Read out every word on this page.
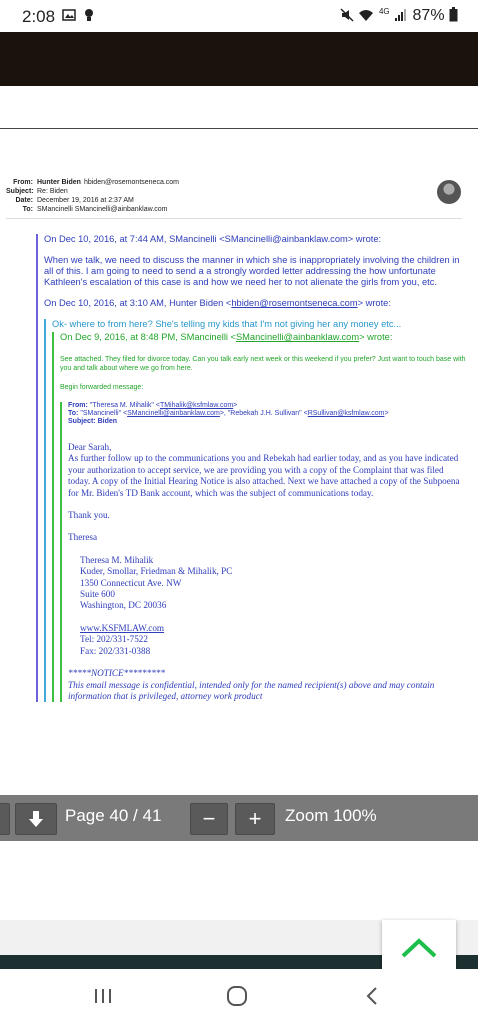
2:08
	$^{4G}$ 87%
From: Hunter Biden hbiden@rosemontseneca.com
Subject: Re: Biden
Date: December 19, 2016 at 2:37 AM
To: SMancinelli SMancinelli@ainbanklaw.com

On Dec 10, 2016, at 7:44 AM, SMancinelli <SMancinelli@ainbanklaw.com> wrote:

When we talk, we need to discuss the manner in which she is inappropriately involving the children in all of this. I am going to need to send a a strongly worded letter addressing the how unfortunate Kathleen's escalation of this case is and how we need her to not alienate the girls from you, etc.

On Dec 10, 2016, at 3:10 AM, Hunter Biden <hbiden@rosemontseneca.com> wrote:

Ok- where to from here? She's telling my kids that I'm not giving her any money etc...

On Dec 9, 2016, at 8:48 PM, SMancinelli <SMancinelli@ainbanklaw.com> wrote:

See attached. They filed for divorce today. Can you talk early next week or this weekend if you prefer? Just want to touch base with you and talk about where we go from here.

Begin forwarded message:

From: "Theresa M. Mihalik" <TMihalik@ksfmlaw.com>
To: "SMancinelli" <SMancinelli@ainbanklaw.com>, "Rebekah J.H. Sullivan" <RSullivan@ksfmlaw.com>
Subject: Biden
Dear Sarah,

As further follow up to the communications you and Rebekah had earlier today, and as you have indicated your authorization to accept service, we are providing you with a copy of the Complaint that was filed today. A copy of the Initial Hearing Notice is also attached. Next we have attached a copy of the Subpoena for Mr. Biden's TD Bank account, which was the subject of communications today.

Thank you.

Theresa

Theresa M. Mihalik
Kuder, Smollar, Friedman & Mihalik, PC
1350 Connecticut Ave. NW
Suite 600
Washington, DC 20036
www.KSFMLAW.com
Tel: 202/331-7522
Fax: 202/331-0388
*****NOTICE*********
This email message is confidential, intended only for the named recipient(s) above and may contain information that is privileged, attorney work product
Page 40 / 41	−	+	Zoom 100%
